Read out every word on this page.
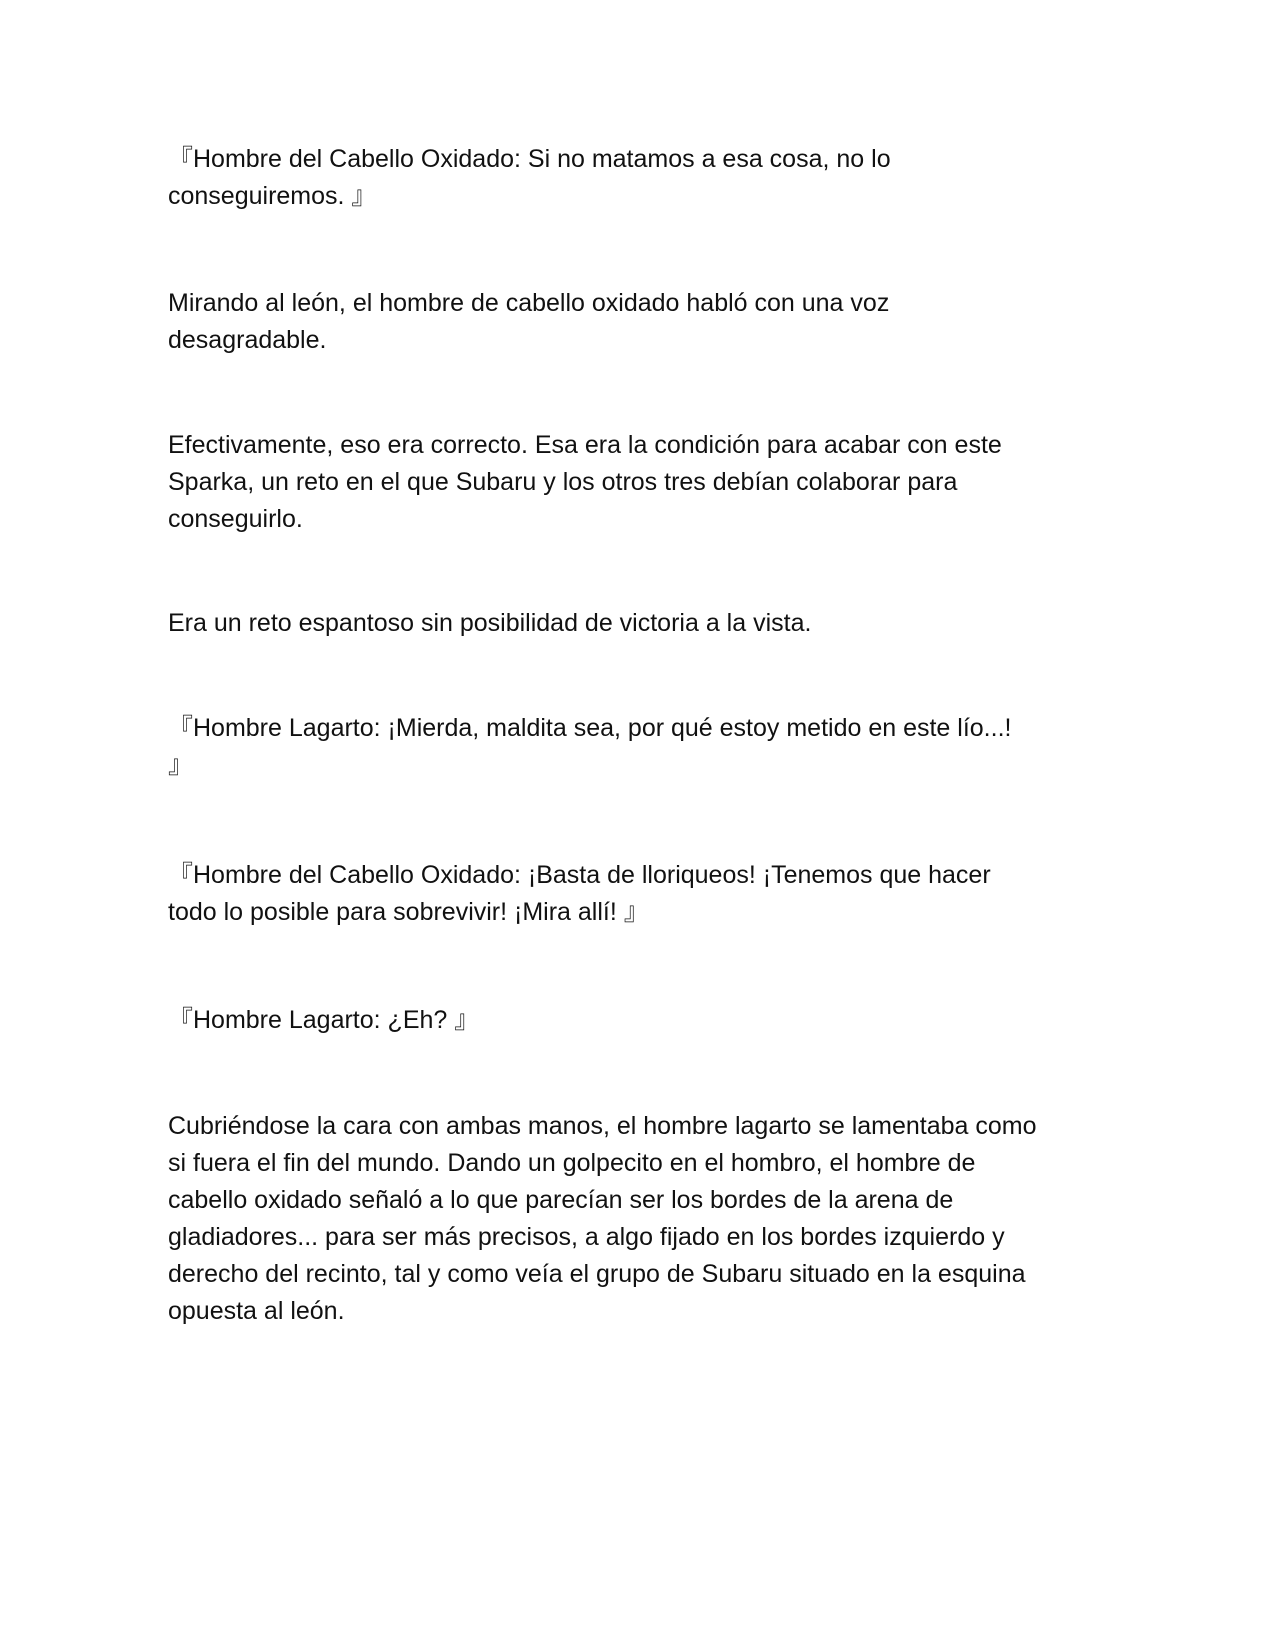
『Hombre del Cabello Oxidado: Si no matamos a esa cosa, no lo
conseguiremos. 』

Mirando al león, el hombre de cabello oxidado habló con una voz
desagradable.

Efectivamente, eso era correcto. Esa era la condición para acabar con este
Sparka, un reto en el que Subaru y los otros tres debían colaborar para
conseguirlo.

Era un reto espantoso sin posibilidad de victoria a la vista.

『Hombre Lagarto: ¡Mierda, maldita sea, por qué estoy metido en este lío...!
』

『Hombre del Cabello Oxidado: ¡Basta de lloriqueos! ¡Tenemos que hacer
todo lo posible para sobrevivir! ¡Mira allí! 』

『Hombre Lagarto: ¿Eh? 』

Cubriéndose la cara con ambas manos, el hombre lagarto se lamentaba como
si fuera el fin del mundo. Dando un golpecito en el hombro, el hombre de
cabello oxidado señaló a lo que parecían ser los bordes de la arena de
gladiadores... para ser más precisos, a algo fijado en los bordes izquierdo y
derecho del recinto, tal y como veía el grupo de Subaru situado en la esquina
opuesta al león.
